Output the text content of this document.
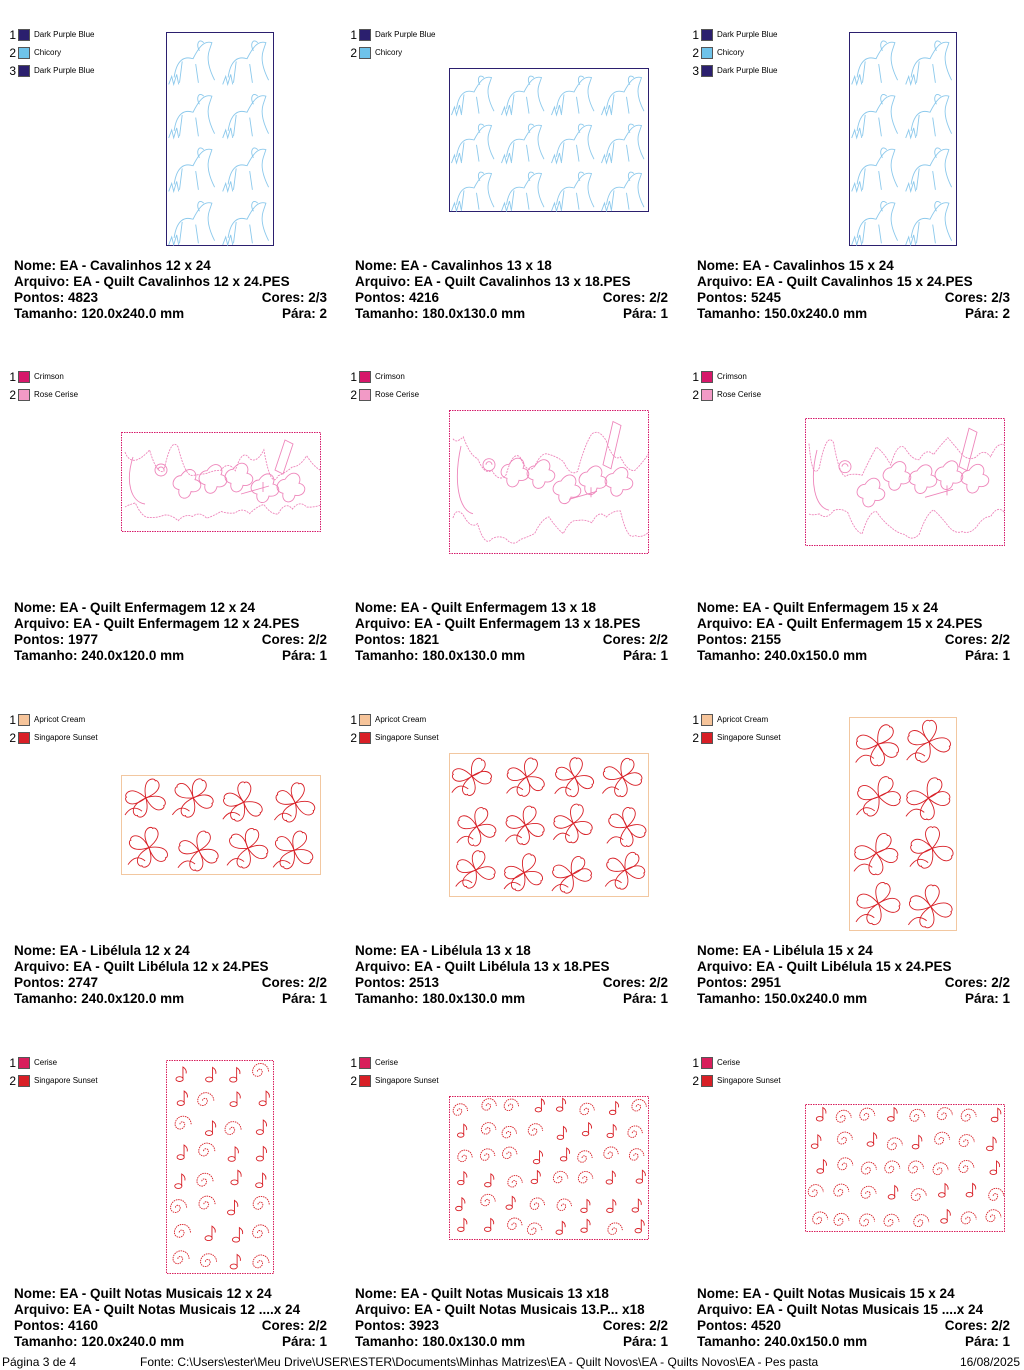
1 Dark Purple Blue
2 Chicory
3 Dark Purple Blue
Nome: EA - Cavalinhos 12 x 24
Arquivo: EA - Quilt Cavalinhos 12 x 24.PES
Pontos: 4823	Cores: 2/3
Tamanho: 120.0x240.0 mm	Pára: 2
1 Dark Purple Blue
2 Chicory
Nome: EA - Cavalinhos 13 x 18
Arquivo: EA - Quilt Cavalinhos 13 x 18.PES
Pontos: 4216	Cores: 2/2
Tamanho: 180.0x130.0 mm	Pára: 1
1 Dark Purple Blue
2 Chicory
3 Dark Purple Blue
Nome: EA - Cavalinhos 15 x 24
Arquivo: EA - Quilt Cavalinhos 15 x 24.PES
Pontos: 5245	Cores: 2/3
Tamanho: 150.0x240.0 mm	Pára: 2
1 Crimson
2 Rose Cerise
Nome: EA - Quilt Enfermagem 12 x 24
Arquivo: EA - Quilt Enfermagem 12 x 24.PES
Pontos: 1977	Cores: 2/2
Tamanho: 240.0x120.0 mm	Pára: 1
1 Crimson
2 Rose Cerise
Nome: EA - Quilt Enfermagem 13 x 18
Arquivo: EA - Quilt Enfermagem 13 x 18.PES
Pontos: 1821	Cores: 2/2
Tamanho: 180.0x130.0 mm	Pára: 1
1 Crimson
2 Rose Cerise
Nome: EA - Quilt Enfermagem 15 x 24
Arquivo: EA - Quilt Enfermagem 15 x 24.PES
Pontos: 2155	Cores: 2/2
Tamanho: 240.0x150.0 mm	Pára: 1
1 Apricot Cream
2 Singapore Sunset
Nome: EA - Libélula 12 x 24
Arquivo: EA - Quilt Libélula 12 x 24.PES
Pontos: 2747	Cores: 2/2
Tamanho: 240.0x120.0 mm	Pára: 1
1 Apricot Cream
2 Singapore Sunset
Nome: EA - Libélula 13 x 18
Arquivo: EA - Quilt Libélula 13 x 18.PES
Pontos: 2513	Cores: 2/2
Tamanho: 180.0x130.0 mm	Pára: 1
1 Apricot Cream
2 Singapore Sunset
Nome: EA - Libélula 15 x 24
Arquivo: EA - Quilt Libélula 15 x 24.PES
Pontos: 2951	Cores: 2/2
Tamanho: 150.0x240.0 mm	Pára: 1
1 Cerise
2 Singapore Sunset
Nome: EA - Quilt Notas Musicais 12 x 24
Arquivo: EA - Quilt Notas Musicais 12 ....x 24
Pontos: 4160	Cores: 2/2
Tamanho: 120.0x240.0 mm	Pára: 1
1 Cerise
2 Singapore Sunset
Nome: EA - Quilt Notas Musicais 13 x18
Arquivo: EA - Quilt Notas Musicais 13.P... x18
Pontos: 3923	Cores: 2/2
Tamanho: 180.0x130.0 mm	Pára: 1
1 Cerise
2 Singapore Sunset
Nome: EA - Quilt Notas Musicais 15 x 24
Arquivo: EA - Quilt Notas Musicais 15 ....x 24
Pontos: 4520	Cores: 2/2
Tamanho: 240.0x150.0 mm	Pára: 1
Página 3 de 4	Fonte: C:\Users\ester\Meu Drive\USER\ESTER\Documents\Minhas Matrizes\EA - Quilt Novos\EA - Quilts Novos\EA - Pes pasta	16/08/2025
